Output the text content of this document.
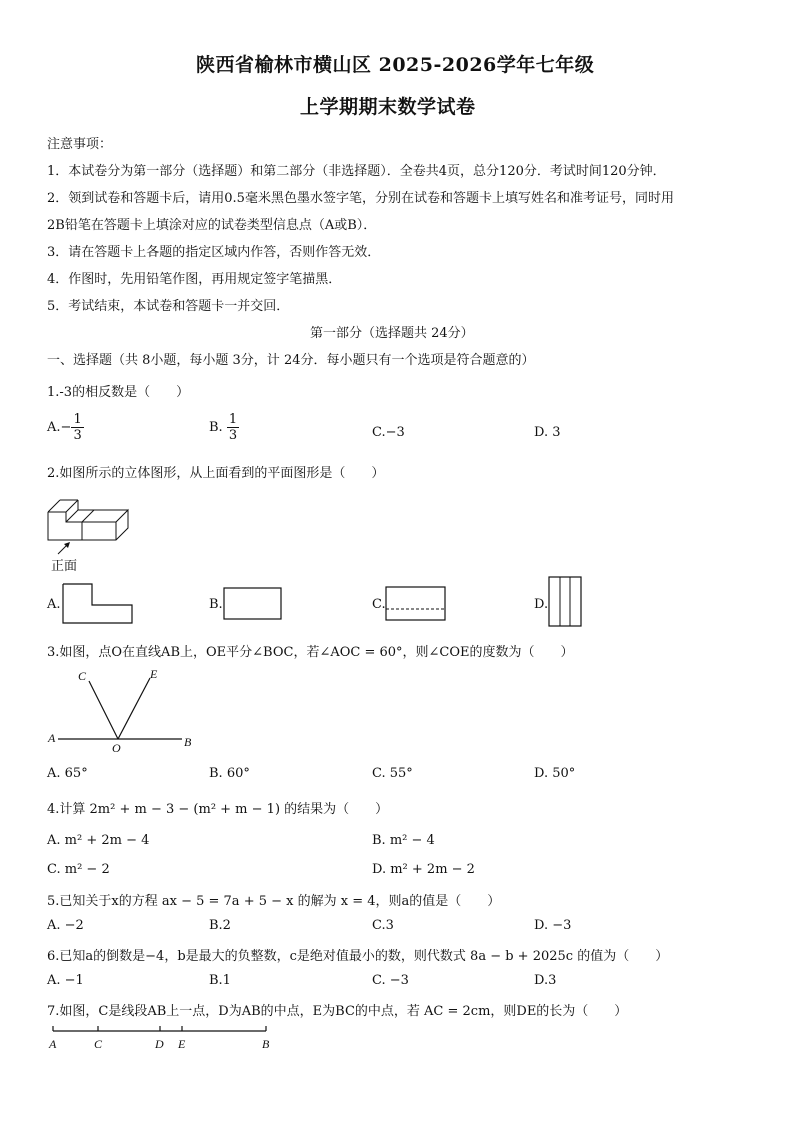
陕西省榆林市横山区 2025-2026学年七年级
上学期期末数学试卷
注意事项：
1．本试卷分为第一部分（选择题）和第二部分（非选择题）．全卷共4页，总分120分．考试时间120分钟．
2．领到试卷和答题卡后，请用0.5毫米黑色墨水签字笔，分别在试卷和答题卡上填写姓名和准考证号，同时用
2B铅笔在答题卡上填涂对应的试卷类型信息点（A或B）．
3．请在答题卡上各题的指定区域内作答，否则作答无效．
4．作图时，先用铅笔作图，再用规定签字笔描黑．
5．考试结束，本试卷和答题卡一并交回．
第一部分（选择题共 24分）
一、选择题（共 8小题，每小题 3分，计 24分．每小题只有一个选项是符合题意的）
1.-3的相反数是（　　）
$A.- \frac{1}{3}$	B. $\frac{1}{3}$	C.−3	D. 3
2.如图所示的立体图形，从上面看到的平面图形是（　　）
正面
A.	B.	C.	D.
3.如图，点O在直线AB上，OE平分∠BOC，若∠AOC = 60°，则∠COE的度数为（　　）
A	B
C	E
O
A. 65°	B. 60°	C. 55°	D. 50°
4.计算 2m² + m − 3 − (m² + m − 1) 的结果为（　　）
A. m² + 2m − 4	B. m² − 4
C. m² − 2	D. m² + 2m − 2
5.已知关于x的方程 ax − 5 = 7a + 5 − x 的解为 x = 4，则a的值是（　　）
A. −2	B.2	C.3	D. −3
6.已知a的倒数是−4，b是最大的负整数，c是绝对值最小的数，则代数式 8a − b + 2025c 的值为（　　）
A. −1	B.1	C. −3	D.3
7.如图，C是线段AB上一点，D为AB的中点，E为BC的中点，若 AC = 2cm，则DE的长为（　　）
A	C	D E	B
